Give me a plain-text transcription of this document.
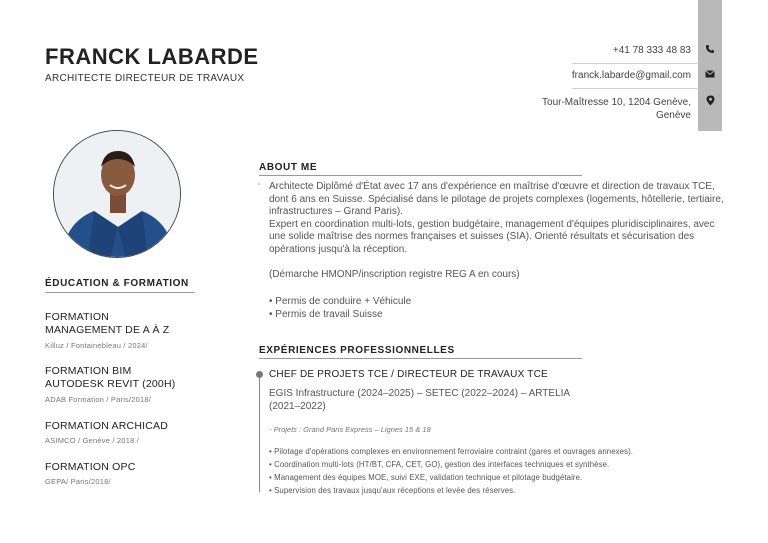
FRANCK LABARDE
ARCHITECTE DIRECTEUR DE TRAVAUX
+41 78 333 48 83
franck.labarde@gmail.com
Tour-Maîtresse 10, 1204 Genève,
Genève
ÉDUCATION & FORMATION
FORMATION
MANAGEMENT DE A À Z
Killuz / Fontainebleau / 2024/
FORMATION BIM
AUTODESK REVIT (200H)
ADAB Formation / Paris/2018/
FORMATION ARCHICAD
ASIMCO / Genève / 2018 /
FORMATION OPC
GEPA/ Paris/2018/
ABOUT ME
“ Architecte Diplômé d'État avec 17 ans d'expérience en maîtrise d'œuvre et direction de travaux TCE, dont 6 ans en Suisse. Spécialisé dans le pilotage de projets complexes (logements, hôtellerie, tertiaire, infrastructures – Grand Paris).
Expert en coordination multi-lots, gestion budgétaire, management d'équipes pluridisciplinaires, avec une solide maîtrise des normes françaises et suisses (SIA). Orienté résultats et sécurisation des opérations jusqu'à la réception.
(Démarche HMONP/inscription registre REG A en cours)
• Permis de conduire + Véhicule
• Permis de travail Suisse
EXPÉRIENCES PROFESSIONNELLES
CHEF DE PROJETS TCE / DIRECTEUR DE TRAVAUX TCE
EGIS Infrastructure (2024–2025) – SETEC (2022–2024) – ARTELIA (2021–2022)
- Projets : Grand Paris Express – Lignes 15 & 18
• Pilotage d'opérations complexes en environnement ferroviaire contraint (gares et ouvrages annexes).
• Coordination multi-lots (HT/BT, CFA, CET, GO), gestion des interfaces techniques et synthèse.
• Management des équipes MOE, suivi EXE, validation technique et pilotage budgétaire.
• Supervision des travaux jusqu'aux réceptions et levée des réserves.
